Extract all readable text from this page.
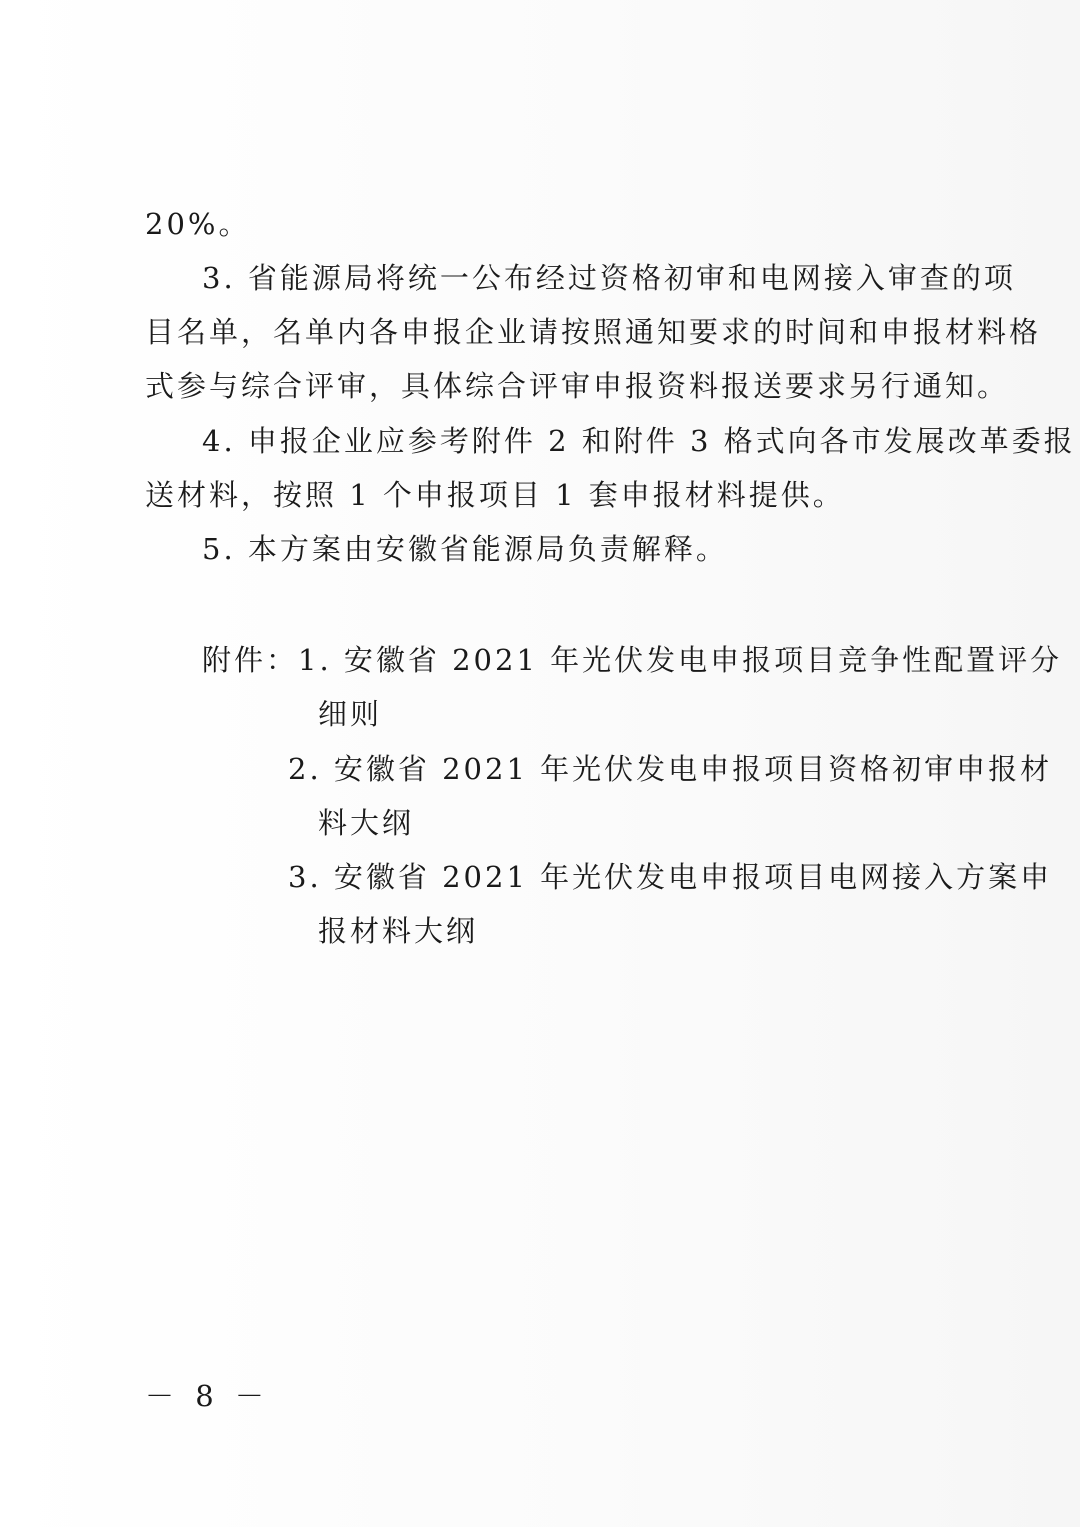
20%。
3. 省能源局将统一公布经过资格初审和电网接入审查的项
目名单，名单内各申报企业请按照通知要求的时间和申报材料格
式参与综合评审，具体综合评审申报资料报送要求另行通知。
4. 申报企业应参考附件 2 和附件 3 格式向各市发展改革委报
送材料，按照 1 个申报项目 1 套申报材料提供。
5. 本方案由安徽省能源局负责解释。
附件：1. 安徽省 2021 年光伏发电申报项目竞争性配置评分
细则
2. 安徽省 2021 年光伏发电申报项目资格初审申报材
料大纲
3. 安徽省 2021 年光伏发电申报项目电网接入方案申
报材料大纲
－ 8 －
